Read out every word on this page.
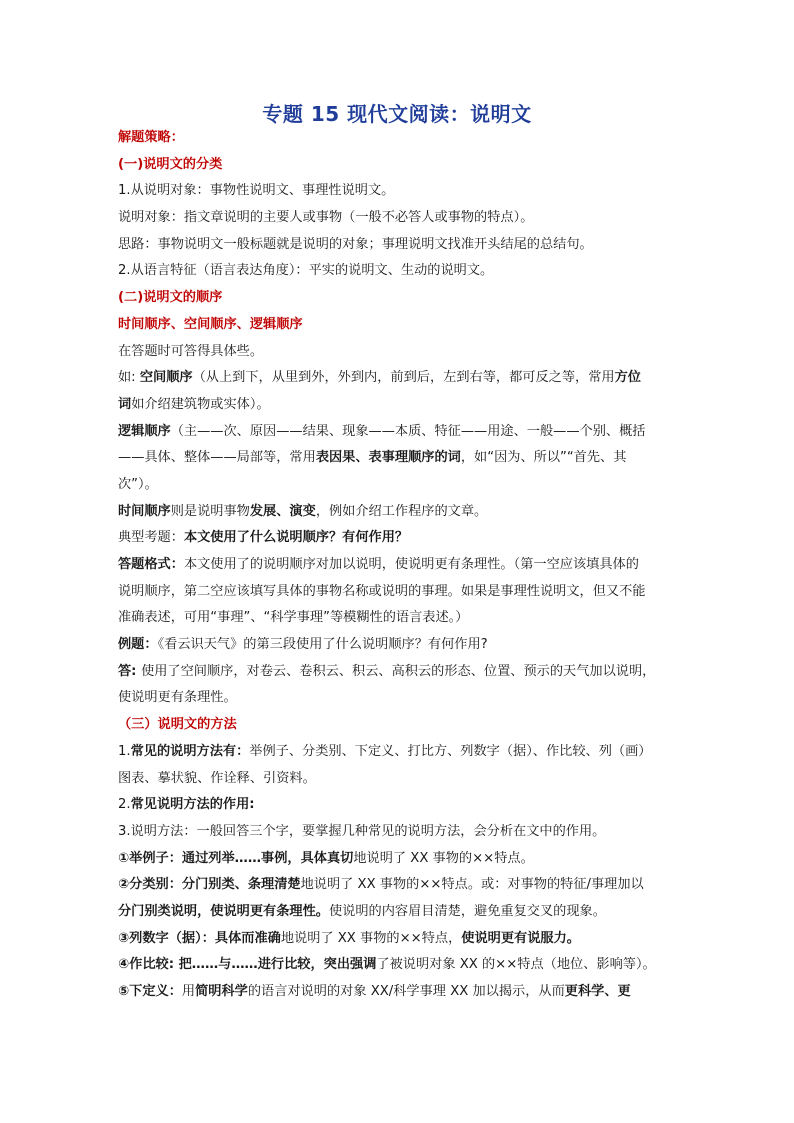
专题 15 现代文阅读：说明文
解题策略：
(一)说明文的分类
1.从说明对象：事物性说明文、事理性说明文。
说明对象：指文章说明的主要人或事物（一般不必答人或事物的特点）。
思路：事物说明文一般标题就是说明的对象；事理说明文找准开头结尾的总结句。
2.从语言特征（语言表达角度）：平实的说明文、生动的说明文。
(二)说明文的顺序
时间顺序、空间顺序、逻辑顺序
在答题时可答得具体些。
如: 空间顺序（从上到下，从里到外，外到内，前到后，左到右等，都可反之等，常用方位
词如介绍建筑物或实体）。
逻辑顺序（主——次、原因——结果、现象——本质、特征——用途、一般——个别、概括
——具体、整体——局部等，常用表因果、表事理顺序的词，如“因为、所以”“首先、其
次”）。
时间顺序则是说明事物发展、演变，例如介绍工作程序的文章。
典型考题：本文使用了什么说明顺序？有何作用？
答题格式：本文使用了的说明顺序对加以说明，使说明更有条理性。（第一空应该填具体的
说明顺序，第二空应该填写具体的事物名称或说明的事理。如果是事理性说明文，但又不能
准确表述，可用“事理”、“科学事理”等模糊性的语言表述。）
例题：《看云识天气》的第三段使用了什么说明顺序？有何作用?
答: 使用了空间顺序，对卷云、卷积云、积云、高积云的形态、位置、预示的天气加以说明，
使说明更有条理性。
（三）说明文的方法
1.常见的说明方法有：举例子、分类别、下定义、打比方、列数字（据）、作比较、列（画）
图表、摹状貌、作诠释、引资料。
2.常见说明方法的作用:
3.说明方法：一般回答三个字，要掌握几种常见的说明方法，会分析在文中的作用。
①举例子：通过列举……事例，具体真切地说明了 XX 事物的××特点。
②分类别：分门别类、条理清楚地说明了 XX 事物的××特点。或：对事物的特征/事理加以
分门别类说明，使说明更有条理性。使说明的内容眉目清楚，避免重复交叉的现象。
③列数字（据）：具体而准确地说明了 XX 事物的××特点，使说明更有说服力。
④作比较: 把……与……进行比较，突出强调了被说明对象 XX 的××特点（地位、影响等）。
⑤下定义：用简明科学的语言对说明的对象 XX/科学事理 XX 加以揭示，从而更科学、更
